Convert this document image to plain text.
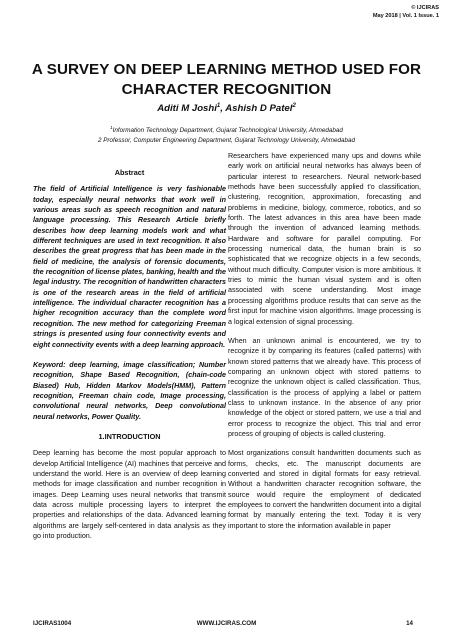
© IJCIRAS
May 2018 | Vol. 1 Issue. 1
A SURVEY ON DEEP LEARNING METHOD USED FOR CHARACTER RECOGNITION
Aditi M Joshi$^1$, Ashish D Patel$^2$
$^1$Information Technology Department, Gujarat Technological University, Ahmedabad
2 Professor, Computer Engineering Department, Gujarat Technology University, Ahmedabad
Abstract
The field of Artificial Intelligence is very fashionable today, especially neural networks that work well in various areas such as speech recognition and natural language processing. This Research Article briefly describes how deep learning models work and what different techniques are used in text recognition. It also describes the great progress that has been made in the field of medicine, the analysis of forensic documents, the recognition of license plates, banking, health and the legal industry. The recognition of handwritten characters is one of the research areas in the field of artificial intelligence. The individual character recognition has a higher recognition accuracy than the complete word recognition. The new method for categorizing Freeman strings is presented using four connectivity events and eight connectivity events with a deep learning approach.
Keyword: deep learning, image classification; Number recognition, Shape Based Recognition, (chain-code Biased) Hub, Hidden Markov Models(HMM), Pattern recognition, Freeman chain code, Image processing, convolutional neural networks, Deep convolutional neural networks, Power Quality.
1.INTRODUCTION
Deep learning has become the most popular approach to develop Artificial Intelligence (AI) machines that perceive and understand the world. Here is an overview of deep learning methods for image classification and number recognition in images. Deep Learning uses neural networks that transmit data across multiple processing layers to interpret the properties and relationships of the data. Advanced learning algorithms are largely self-centered in data analysis as they go into production.
Researchers have experienced many ups and downs while early work on artificial neural networks has always been of particular interest to researchers. Neural network-based methods have been successfully applied t'o classification, clustering, recognition, approximation, forecasting and problems in medicine, biology, commerce, robotics, and so forth. The latest advances in this area have been made through the invention of advanced learning methods. Hardware and software for parallel computing. For processing numerical data, the human brain is so sophisticated that we recognize objects in a few seconds, without much difficulty. Computer vision is more ambitious. It tries to mimic the human visual system and is often associated with scene understanding. Most image processing algorithms produce results that can serve as the first input for machine vision algorithms. Image processing is a logical extension of signal processing.
When an unknown animal is encountered, we try to recognize it by comparing its features (called patterns) with known stored patterns that we already have. This process of comparing an unknown object with stored patterns to recognize the unknown object is called classification. Thus, classification is the process of applying a label or pattern class to unknown instance. In the absence of any prior knowledge of the object or stored pattern, we use a trial and error process to recognize the object. This trial and error process of grouping of objects is called clustering.
Most organizations consult handwritten documents such as forms, checks, etc. The manuscript documents are converted and stored in digital formats for easy retrieval. Without a handwritten character recognition software, the source would require the employment of dedicated employees to convert the handwritten document into a digital format by manually entering the text. Today it is very important to store the information available in paper
IJCIRAS1004	WWW.IJCIRAS.COM	14
